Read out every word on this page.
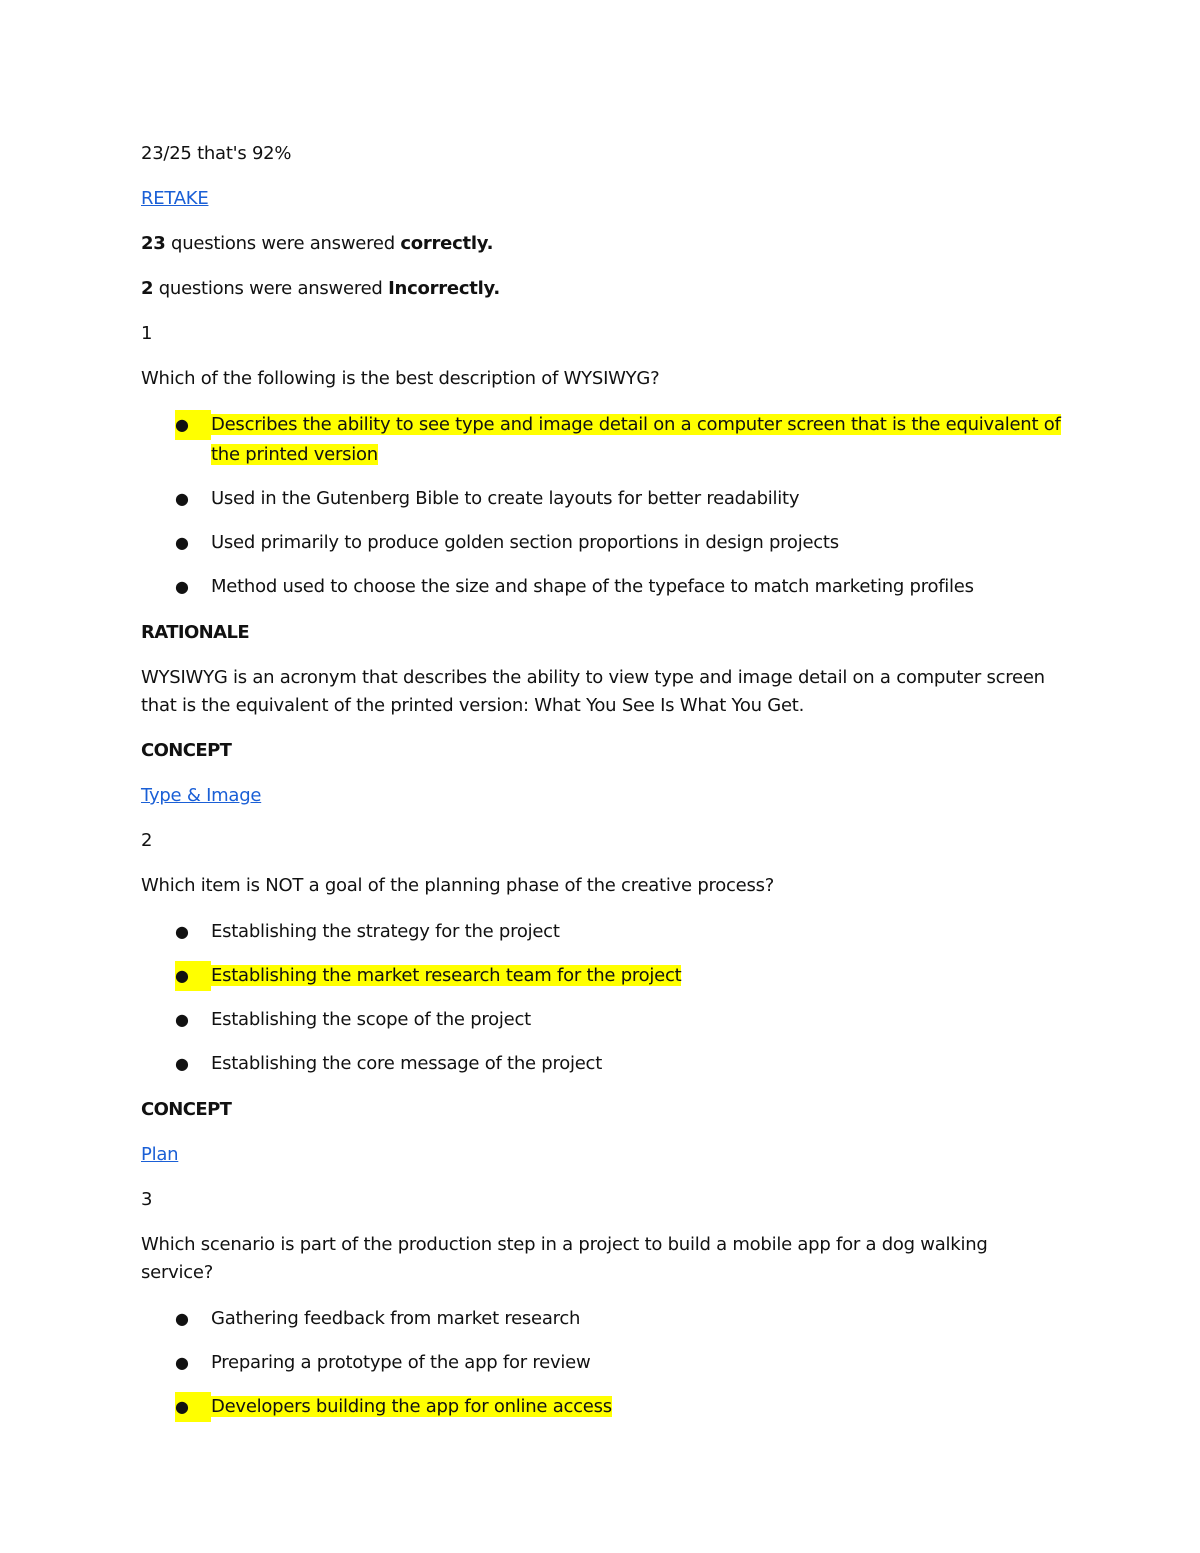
23/25 that's 92%

RETAKE

23 questions were answered correctly.

2 questions were answered Incorrectly.

1

Which of the following is the best description of WYSIWYG?

●	Describes the ability to see type and image detail on a computer screen that is the equivalent of the printed version
●	Used in the Gutenberg Bible to create layouts for better readability
●	Used primarily to produce golden section proportions in design projects
●	Method used to choose the size and shape of the typeface to match marketing profiles

RATIONALE

WYSIWYG is an acronym that describes the ability to view type and image detail on a computer screen that is the equivalent of the printed version: What You See Is What You Get.

CONCEPT

Type & Image

2

Which item is NOT a goal of the planning phase of the creative process?

●	Establishing the strategy for the project
●	Establishing the market research team for the project
●	Establishing the scope of the project
●	Establishing the core message of the project

CONCEPT

Plan

3

Which scenario is part of the production step in a project to build a mobile app for a dog walking service?

●	Gathering feedback from market research
●	Preparing a prototype of the app for review
●	Developers building the app for online access
